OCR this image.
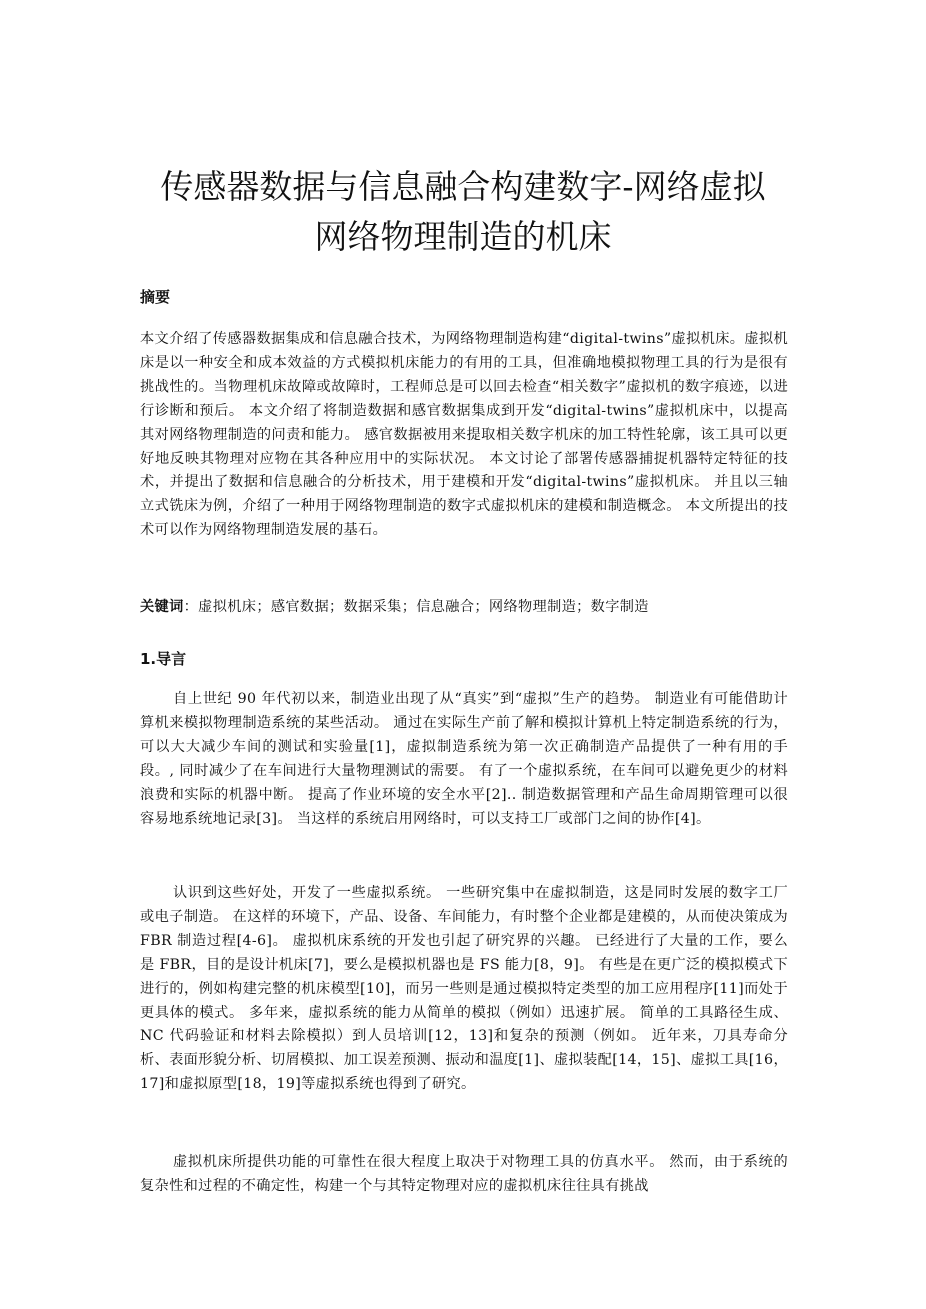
传感器数据与信息融合构建数字-网络虚拟
网络物理制造的机床
摘要
本文介绍了传感器数据集成和信息融合技术，为网络物理制造构建“digital-twins”虚拟机床。虚拟机床是以一种安全和成本效益的方式模拟机床能力的有用的工具，但准确地模拟物理工具的行为是很有挑战性的。当物理机床故障或故障时，工程师总是可以回去检查“相关数字”虚拟机的数字痕迹，以进行诊断和预后。 本文介绍了将制造数据和感官数据集成到开发“digital-twins”虚拟机床中，以提高其对网络物理制造的问责和能力。 感官数据被用来提取相关数字机床的加工特性轮廓，该工具可以更好地反映其物理对应物在其各种应用中的实际状况。 本文讨论了部署传感器捕捉机器特定特征的技术，并提出了数据和信息融合的分析技术，用于建模和开发“digital-twins”虚拟机床。 并且以三轴立式铣床为例，介绍了一种用于网络物理制造的数字式虚拟机床的建模和制造概念。 本文所提出的技术可以作为网络物理制造发展的基石。
关键词：虚拟机床；感官数据；数据采集；信息融合；网络物理制造；数字制造
1.导言
自上世纪 90 年代初以来，制造业出现了从“真实”到“虚拟”生产的趋势。 制造业有可能借助计算机来模拟物理制造系统的某些活动。 通过在实际生产前了解和模拟计算机上特定制造系统的行为，可以大大减少车间的测试和实验量[1]，虚拟制造系统为第一次正确制造产品提供了一种有用的手段。, 同时减少了在车间进行大量物理测试的需要。 有了一个虚拟系统，在车间可以避免更少的材料浪费和实际的机器中断。 提高了作业环境的安全水平[2].. 制造数据管理和产品生命周期管理可以很容易地系统地记录[3]。 当这样的系统启用网络时，可以支持工厂或部门之间的协作[4]。
认识到这些好处，开发了一些虚拟系统。 一些研究集中在虚拟制造，这是同时发展的数字工厂或电子制造。 在这样的环境下，产品、设备、车间能力，有时整个企业都是建模的，从而使决策成为 FBR 制造过程[4-6]。 虚拟机床系统的开发也引起了研究界的兴趣。 已经进行了大量的工作，要么是 FBR，目的是设计机床[7]，要么是模拟机器也是 FS 能力[8，9]。 有些是在更广泛的模拟模式下进行的，例如构建完整的机床模型[10]，而另一些则是通过模拟特定类型的加工应用程序[11]而处于更具体的模式。 多年来，虚拟系统的能力从简单的模拟（例如）迅速扩展。 简单的工具路径生成、NC 代码验证和材料去除模拟）到人员培训[12，13]和复杂的预测（例如。 近年来，刀具寿命分析、表面形貌分析、切屑模拟、加工误差预测、振动和温度[1]、虚拟装配[14，15]、虚拟工具[16，17]和虚拟原型[18，19]等虚拟系统也得到了研究。
虚拟机床所提供功能的可靠性在很大程度上取决于对物理工具的仿真水平。 然而，由于系统的复杂性和过程的不确定性，构建一个与其特定物理对应的虚拟机床往往具有挑战
